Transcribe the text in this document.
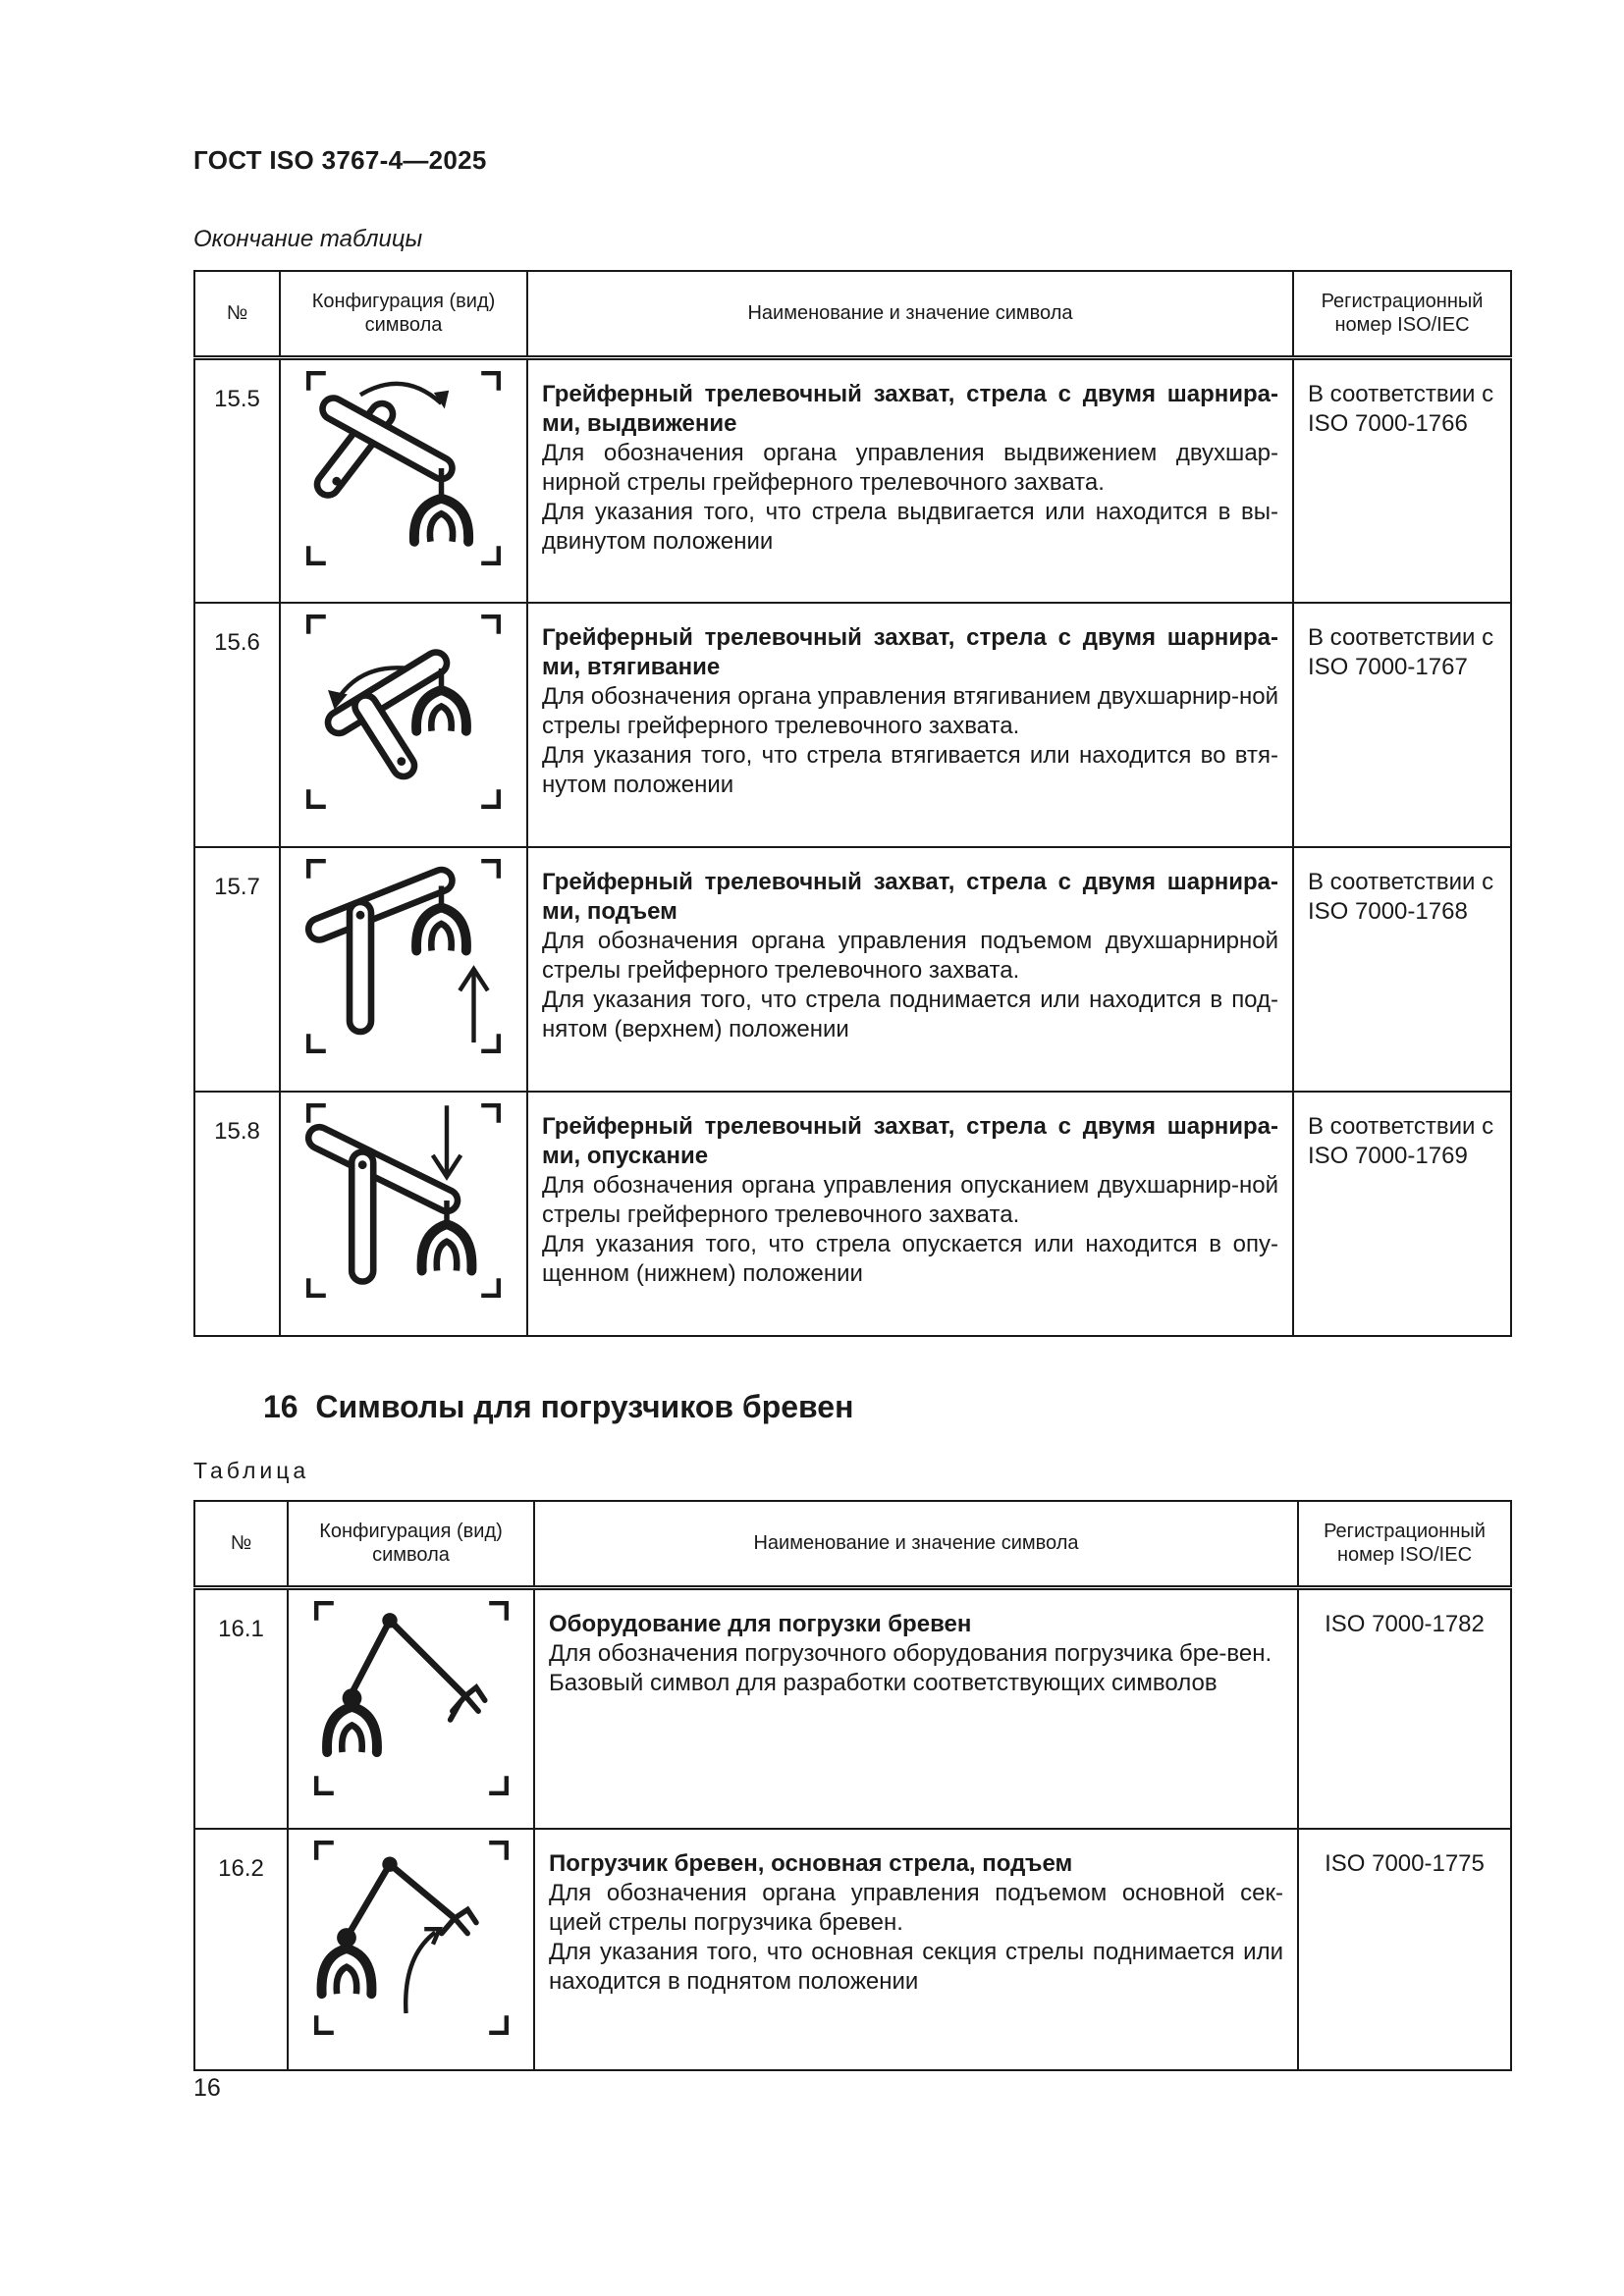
ГОСТ ISO 3767-4—2025
Окончание таблицы
№	Конфигурация (вид) символа	Наименование и значение символа	Регистрационный номер ISO/IEC
15.5		Грейферный трелевочный захват, стрела с двумя шарнира-ми, выдвижение
Для обозначения органа управления выдвижением двухшар-нирной стрелы грейферного трелевочного захвата.
Для указания того, что стрела выдвигается или находится в вы-двинутом положении	В соответствии с ISO 7000-1766
15.6		Грейферный трелевочный захват, стрела с двумя шарнира-ми, втягивание
Для обозначения органа управления втягиванием двухшарнир-ной стрелы грейферного трелевочного захвата.
Для указания того, что стрела втягивается или находится во втя-нутом положении	В соответствии с ISO 7000-1767
15.7		Грейферный трелевочный захват, стрела с двумя шарнира-ми, подъем
Для обозначения органа управления подъемом двухшарнирной стрелы грейферного трелевочного захвата.
Для указания того, что стрела поднимается или находится в под-нятом (верхнем) положении	В соответствии с ISO 7000-1768
15.8		Грейферный трелевочный захват, стрела с двумя шарнира-ми, опускание
Для обозначения органа управления опусканием двухшарнир-ной стрелы грейферного трелевочного захвата.
Для указания того, что стрела опускается или находится в опу-щенном (нижнем) положении	В соответствии с ISO 7000-1769
16 Символы для погрузчиков бревен
Таблица
№	Конфигурация (вид) символа	Наименование и значение символа	Регистрационный номер ISO/IEC
16.1		Оборудование для погрузки бревен
Для обозначения погрузочного оборудования погрузчика бре-вен.
Базовый символ для разработки соответствующих символов	ISO 7000-1782
16.2		Погрузчик бревен, основная стрела, подъем
Для обозначения органа управления подъемом основной сек-цией стрелы погрузчика бревен.
Для указания того, что основная секция стрелы поднимается или находится в поднятом положении	ISO 7000-1775
16
